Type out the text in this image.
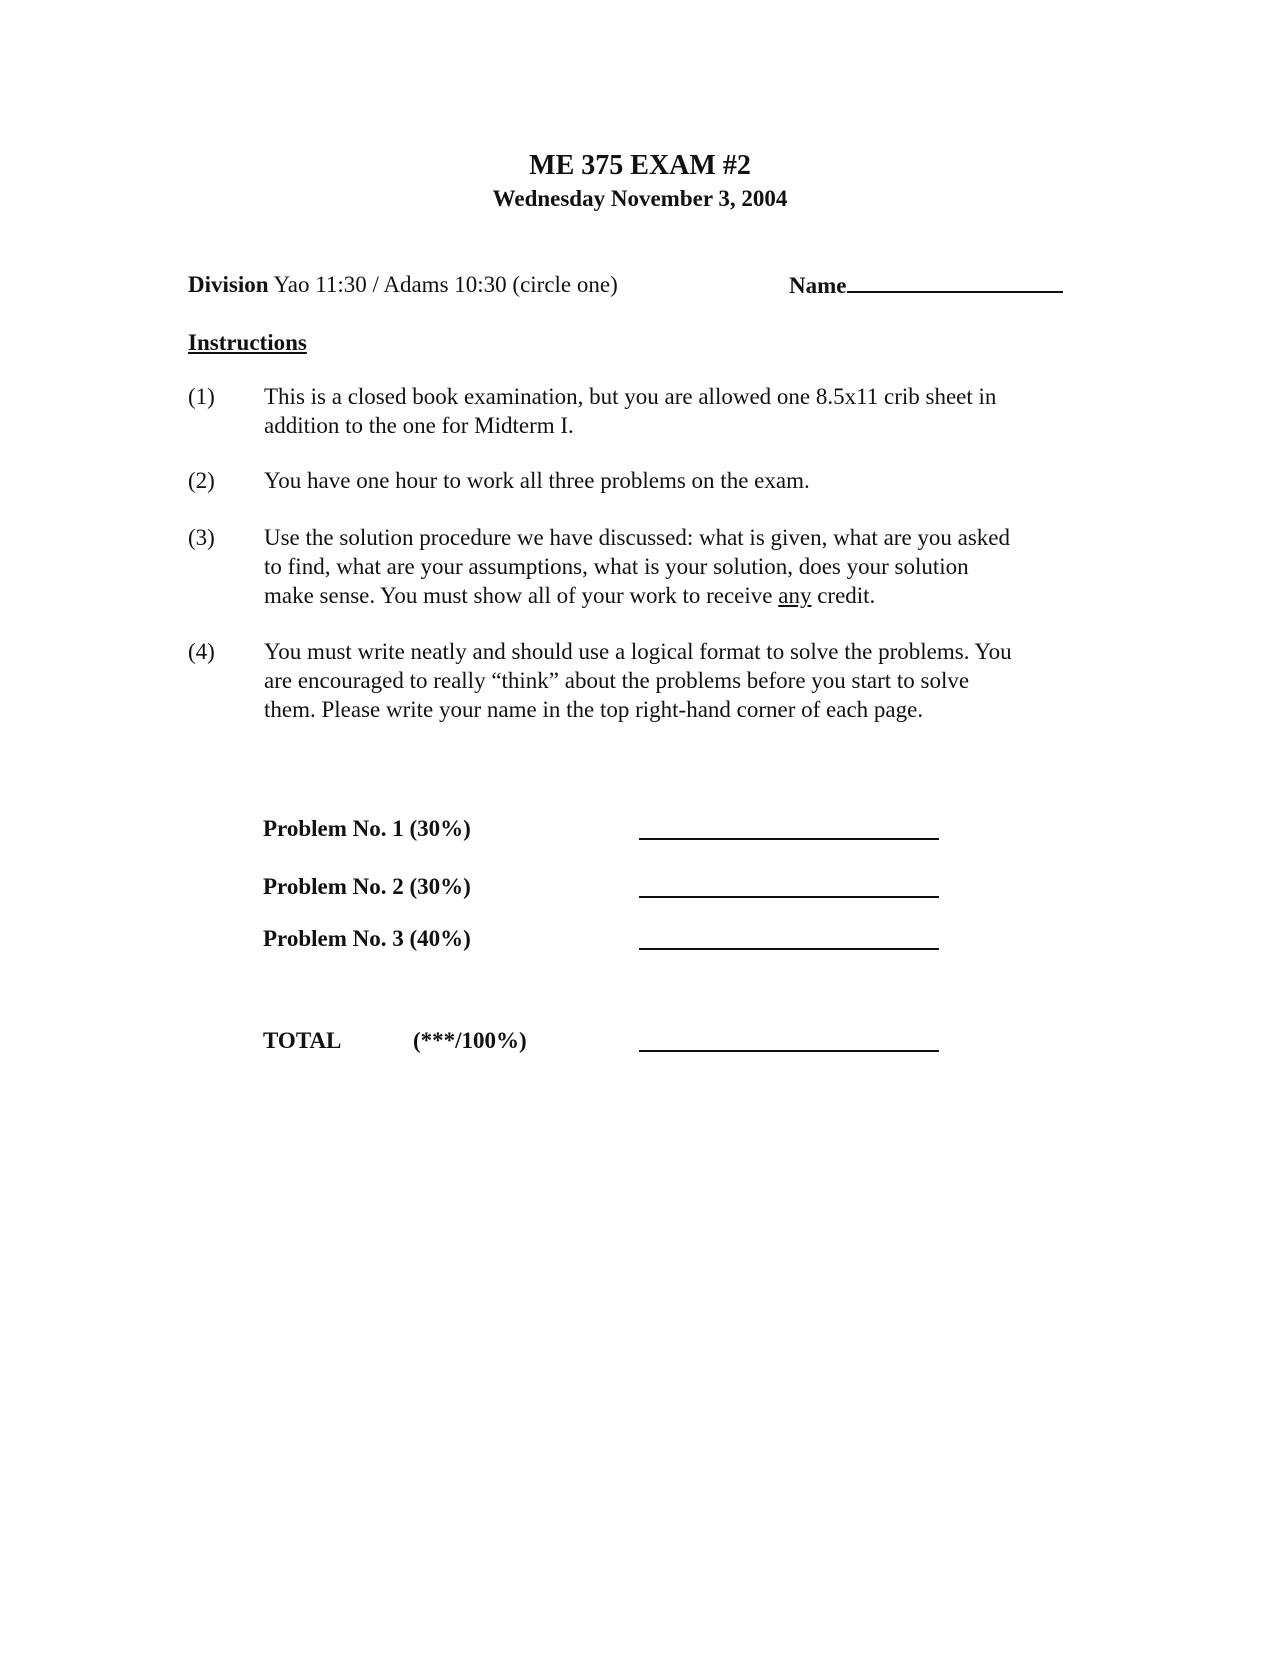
ME 375 EXAM #2
Wednesday November 3, 2004
Division Yao 11:30 / Adams 10:30 (circle one)	Name
Instructions
(1) This is a closed book examination, but you are allowed one 8.5x11 crib sheet in
addition to the one for Midterm I.
(2) You have one hour to work all three problems on the exam.
(3) Use the solution procedure we have discussed: what is given, what are you asked
to find, what are your assumptions, what is your solution, does your solution
make sense. You must show all of your work to receive any credit.
(4) You must write neatly and should use a logical format to solve the problems. You
are encouraged to really “think” about the problems before you start to solve
them. Please write your name in the top right-hand corner of each page.
Problem No. 1 (30%)
Problem No. 2 (30%)
Problem No. 3 (40%)
TOTAL	(***/100%)
